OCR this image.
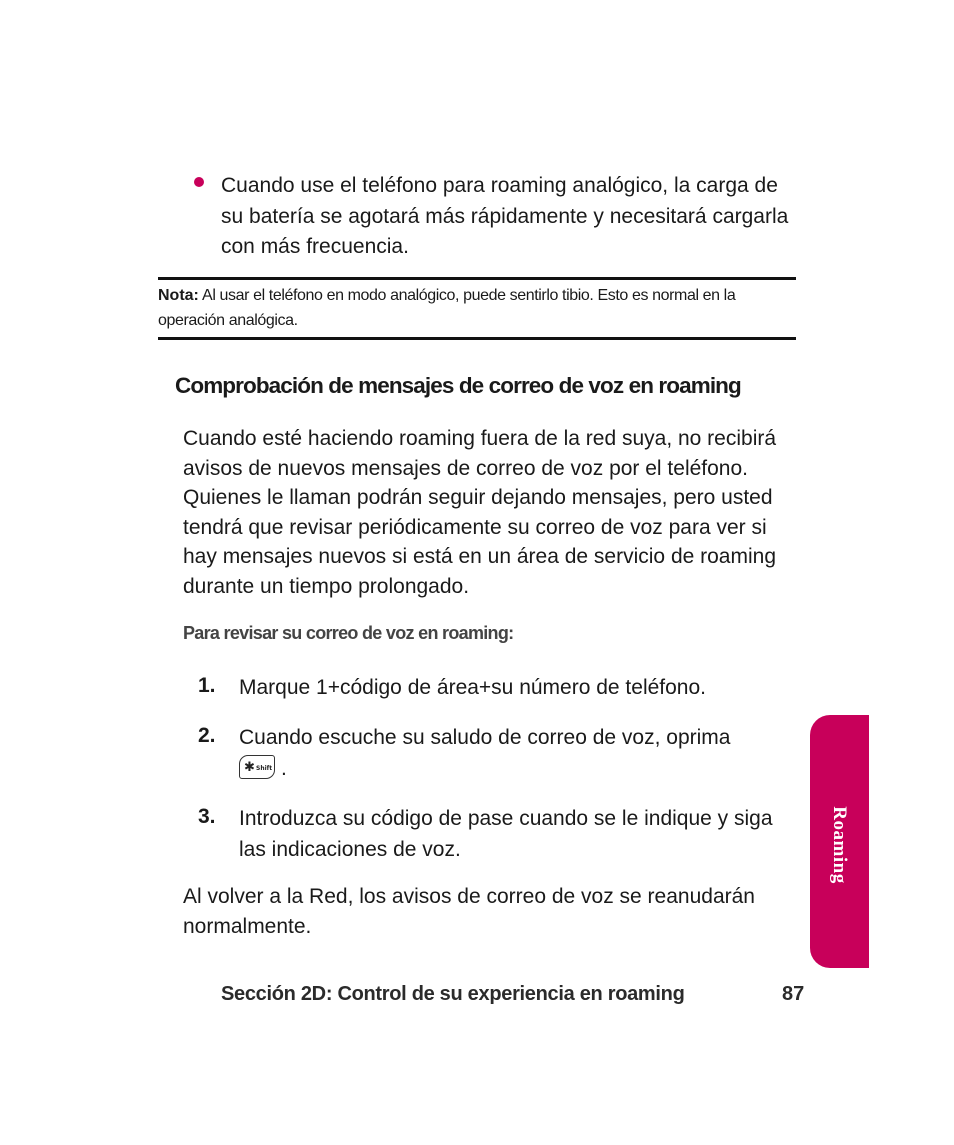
Cuando use el teléfono para roaming analógico, la carga de su batería se agotará más rápidamente y necesitará cargarla con más frecuencia.
Nota: Al usar el teléfono en modo analógico, puede sentirlo tibio. Esto es normal en la operación analógica.
Comprobación de mensajes de correo de voz en roaming
Cuando esté haciendo roaming fuera de la red suya, no recibirá avisos de nuevos mensajes de correo de voz por el teléfono. Quienes le llaman podrán seguir dejando mensajes, pero usted tendrá que revisar periódicamente su correo de voz para ver si hay mensajes nuevos si está en un área de servicio de roaming durante un tiempo prolongado.
Para revisar su correo de voz en roaming:
1. Marque 1+código de área+su número de teléfono.
2. Cuando escuche su saludo de correo de voz, oprima

✱ Shift .
3. Introduzca su código de pase cuando se le indique y siga las indicaciones de voz.
Al volver a la Red, los avisos de correo de voz se reanudarán normalmente.
Roaming
Sección 2D: Control de su experiencia en roaming	87
